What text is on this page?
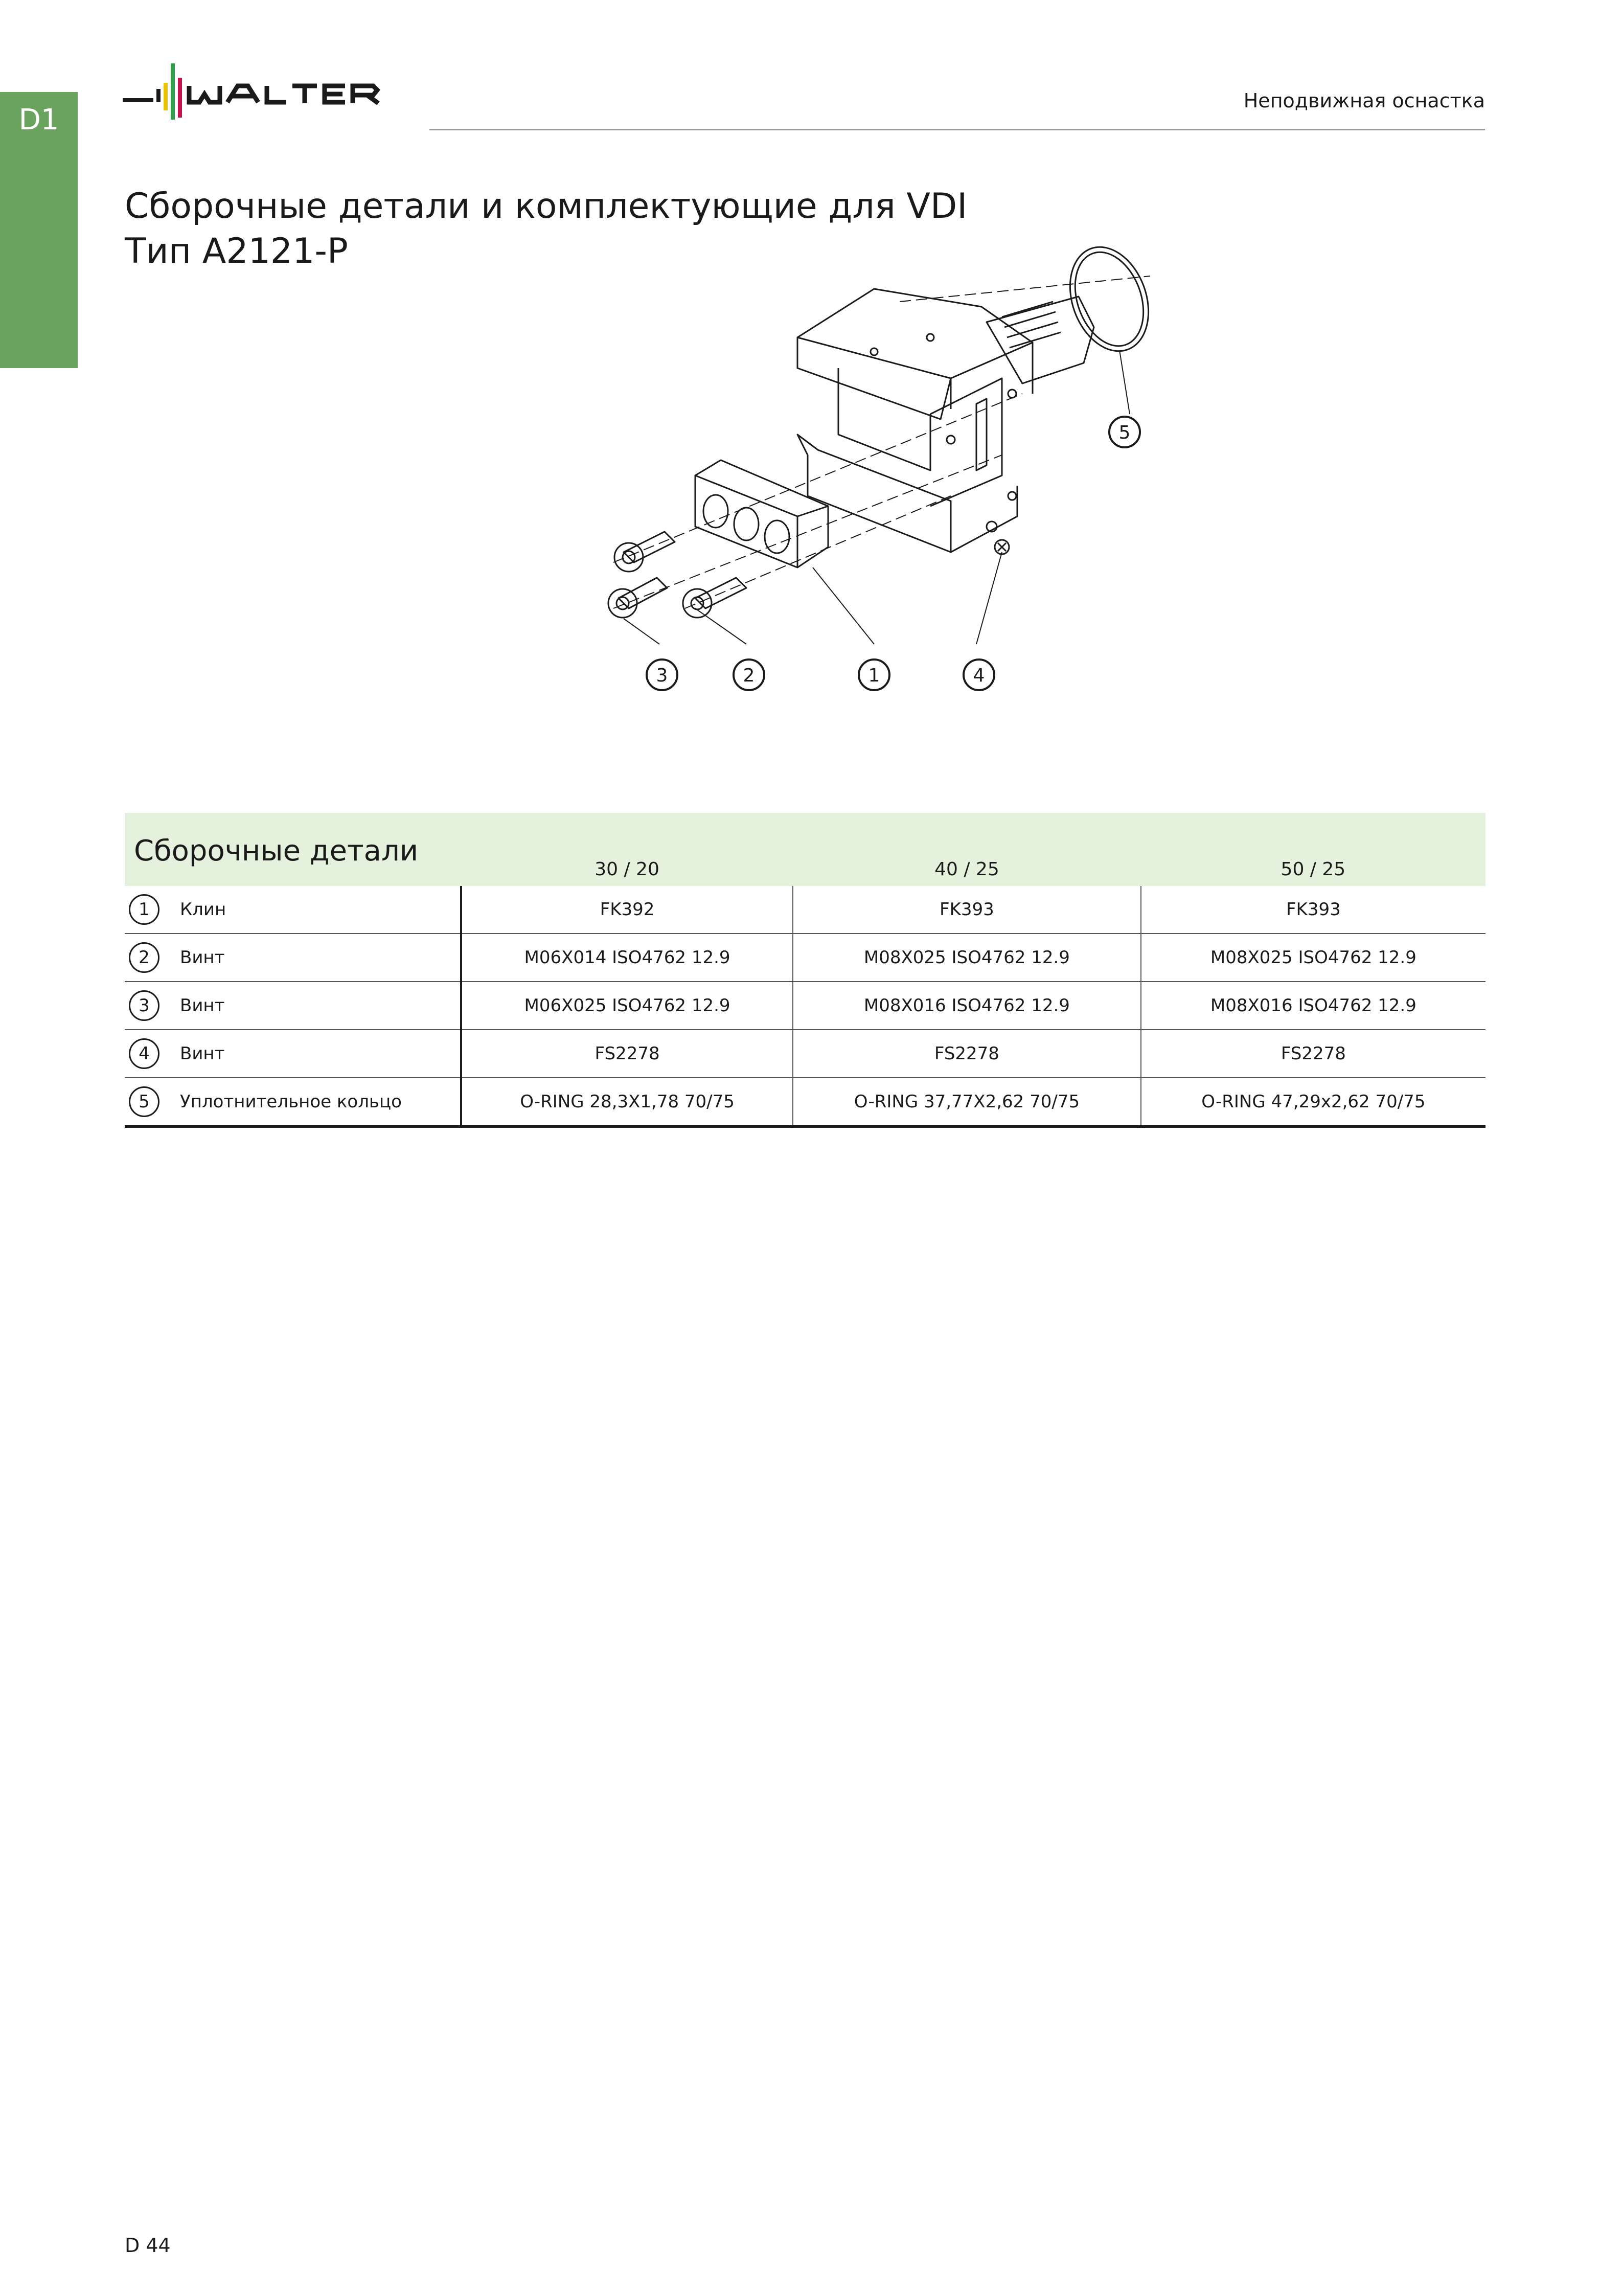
D1	WALTER
Неподвижная оснастка
Сборочные детали и комплектующие для VDI
Тип A2121-P
5
3	2	1	4
Сборочные детали	30 / 20	40 / 25	50 / 25
1 Клин	FK392	FK393	FK393
2 Винт	M06X014 ISO4762 12.9	M08X025 ISO4762 12.9	M08X025 ISO4762 12.9
3 Винт	M06X025 ISO4762 12.9	M08X016 ISO4762 12.9	M08X016 ISO4762 12.9
4 Винт	FS2278	FS2278	FS2278
5 Уплотнительное кольцо	O-RING 28,3X1,78 70/75	O-RING 37,77X2,62 70/75	O-RING 47,29x2,62 70/75
D 44
